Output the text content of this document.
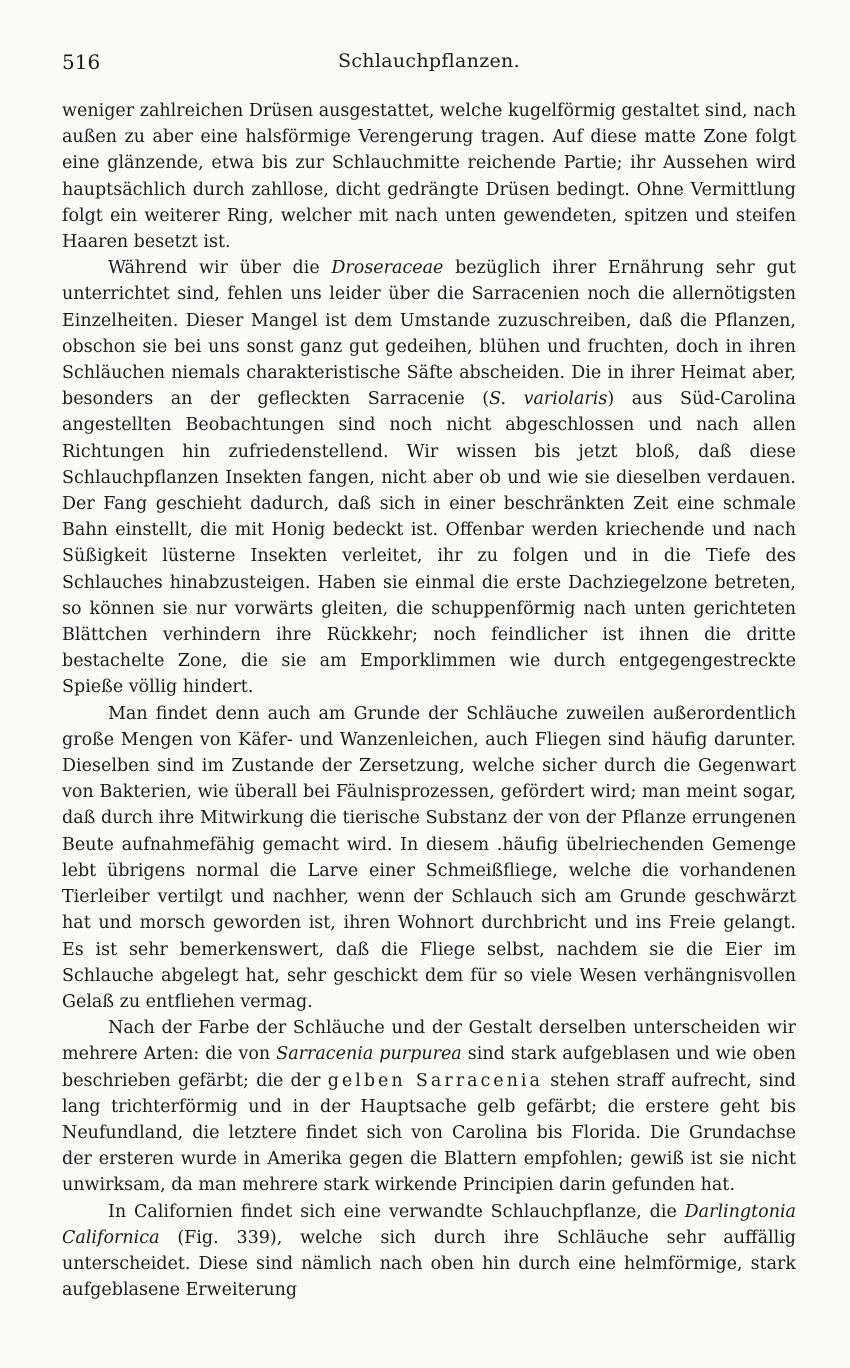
516	Schlauchpflanzen.

weniger zahlreichen Drüsen ausgestattet, welche kugelförmig gestaltet sind, nach außen zu aber eine halsförmige Verengerung tragen. Auf diese matte Zone folgt eine glänzende, etwa bis zur Schlauchmitte reichende Partie; ihr Aussehen wird hauptsächlich durch zahllose, dicht gedrängte Drüsen bedingt. Ohne Vermittlung folgt ein weiterer Ring, welcher mit nach unten gewendeten, spitzen und steifen Haaren besetzt ist.

Während wir über die Droseraceae bezüglich ihrer Ernährung sehr gut unterrichtet sind, fehlen uns leider über die Sarracenien noch die allernötigsten Einzelheiten. Dieser Mangel ist dem Umstande zuzuschreiben, daß die Pflanzen, obschon sie bei uns sonst ganz gut gedeihen, blühen und fruchten, doch in ihren Schläuchen niemals charakteristische Säfte abscheiden. Die in ihrer Heimat aber, besonders an der gefleckten Sarracenie (S. variolaris) aus Süd-Carolina angestellten Beobachtungen sind noch nicht abgeschlossen und nach allen Richtungen hin zufriedenstellend. Wir wissen bis jetzt bloß, daß diese Schlauchpflanzen Insekten fangen, nicht aber ob und wie sie dieselben verdauen. Der Fang geschieht dadurch, daß sich in einer beschränkten Zeit eine schmale Bahn einstellt, die mit Honig bedeckt ist. Offenbar werden kriechende und nach Süßigkeit lüsterne Insekten verleitet, ihr zu folgen und in die Tiefe des Schlauches hinabzusteigen. Haben sie einmal die erste Dachziegelzone betreten, so können sie nur vorwärts gleiten, die schuppenförmig nach unten gerichteten Blättchen verhindern ihre Rückkehr; noch feindlicher ist ihnen die dritte bestachelte Zone, die sie am Emporklimmen wie durch entgegengestreckte Spieße völlig hindert.

Man findet denn auch am Grunde der Schläuche zuweilen außerordentlich große Mengen von Käfer- und Wanzenleichen, auch Fliegen sind häufig darunter. Dieselben sind im Zustande der Zersetzung, welche sicher durch die Gegenwart von Bakterien, wie überall bei Fäulnisprozessen, gefördert wird; man meint sogar, daß durch ihre Mitwirkung die tierische Substanz der von der Pflanze errungenen Beute aufnahmefähig gemacht wird. In diesem .häufig übelriechenden Gemenge lebt übrigens normal die Larve einer Schmeißfliege, welche die vorhandenen Tierleiber vertilgt und nachher, wenn der Schlauch sich am Grunde geschwärzt hat und morsch geworden ist, ihren Wohnort durchbricht und ins Freie gelangt. Es ist sehr bemerkenswert, daß die Fliege selbst, nachdem sie die Eier im Schlauche abgelegt hat, sehr geschickt dem für so viele Wesen verhängnisvollen Gelaß zu entfliehen vermag.

Nach der Farbe der Schläuche und der Gestalt derselben unterscheiden wir mehrere Arten: die von Sarracenia purpurea sind stark aufgeblasen und wie oben beschrieben gefärbt; die der gelben Sarracenia stehen straff aufrecht, sind lang trichterförmig und in der Hauptsache gelb gefärbt; die erstere geht bis Neufundland, die letztere findet sich von Carolina bis Florida. Die Grundachse der ersteren wurde in Amerika gegen die Blattern empfohlen; gewiß ist sie nicht unwirksam, da man mehrere stark wirkende Principien darin gefunden hat.

In Californien findet sich eine verwandte Schlauchpflanze, die Darlingtonia Californica (Fig. 339), welche sich durch ihre Schläuche sehr auffällig unterscheidet. Diese sind nämlich nach oben hin durch eine helmförmige, stark aufgeblasene Erweiterung
